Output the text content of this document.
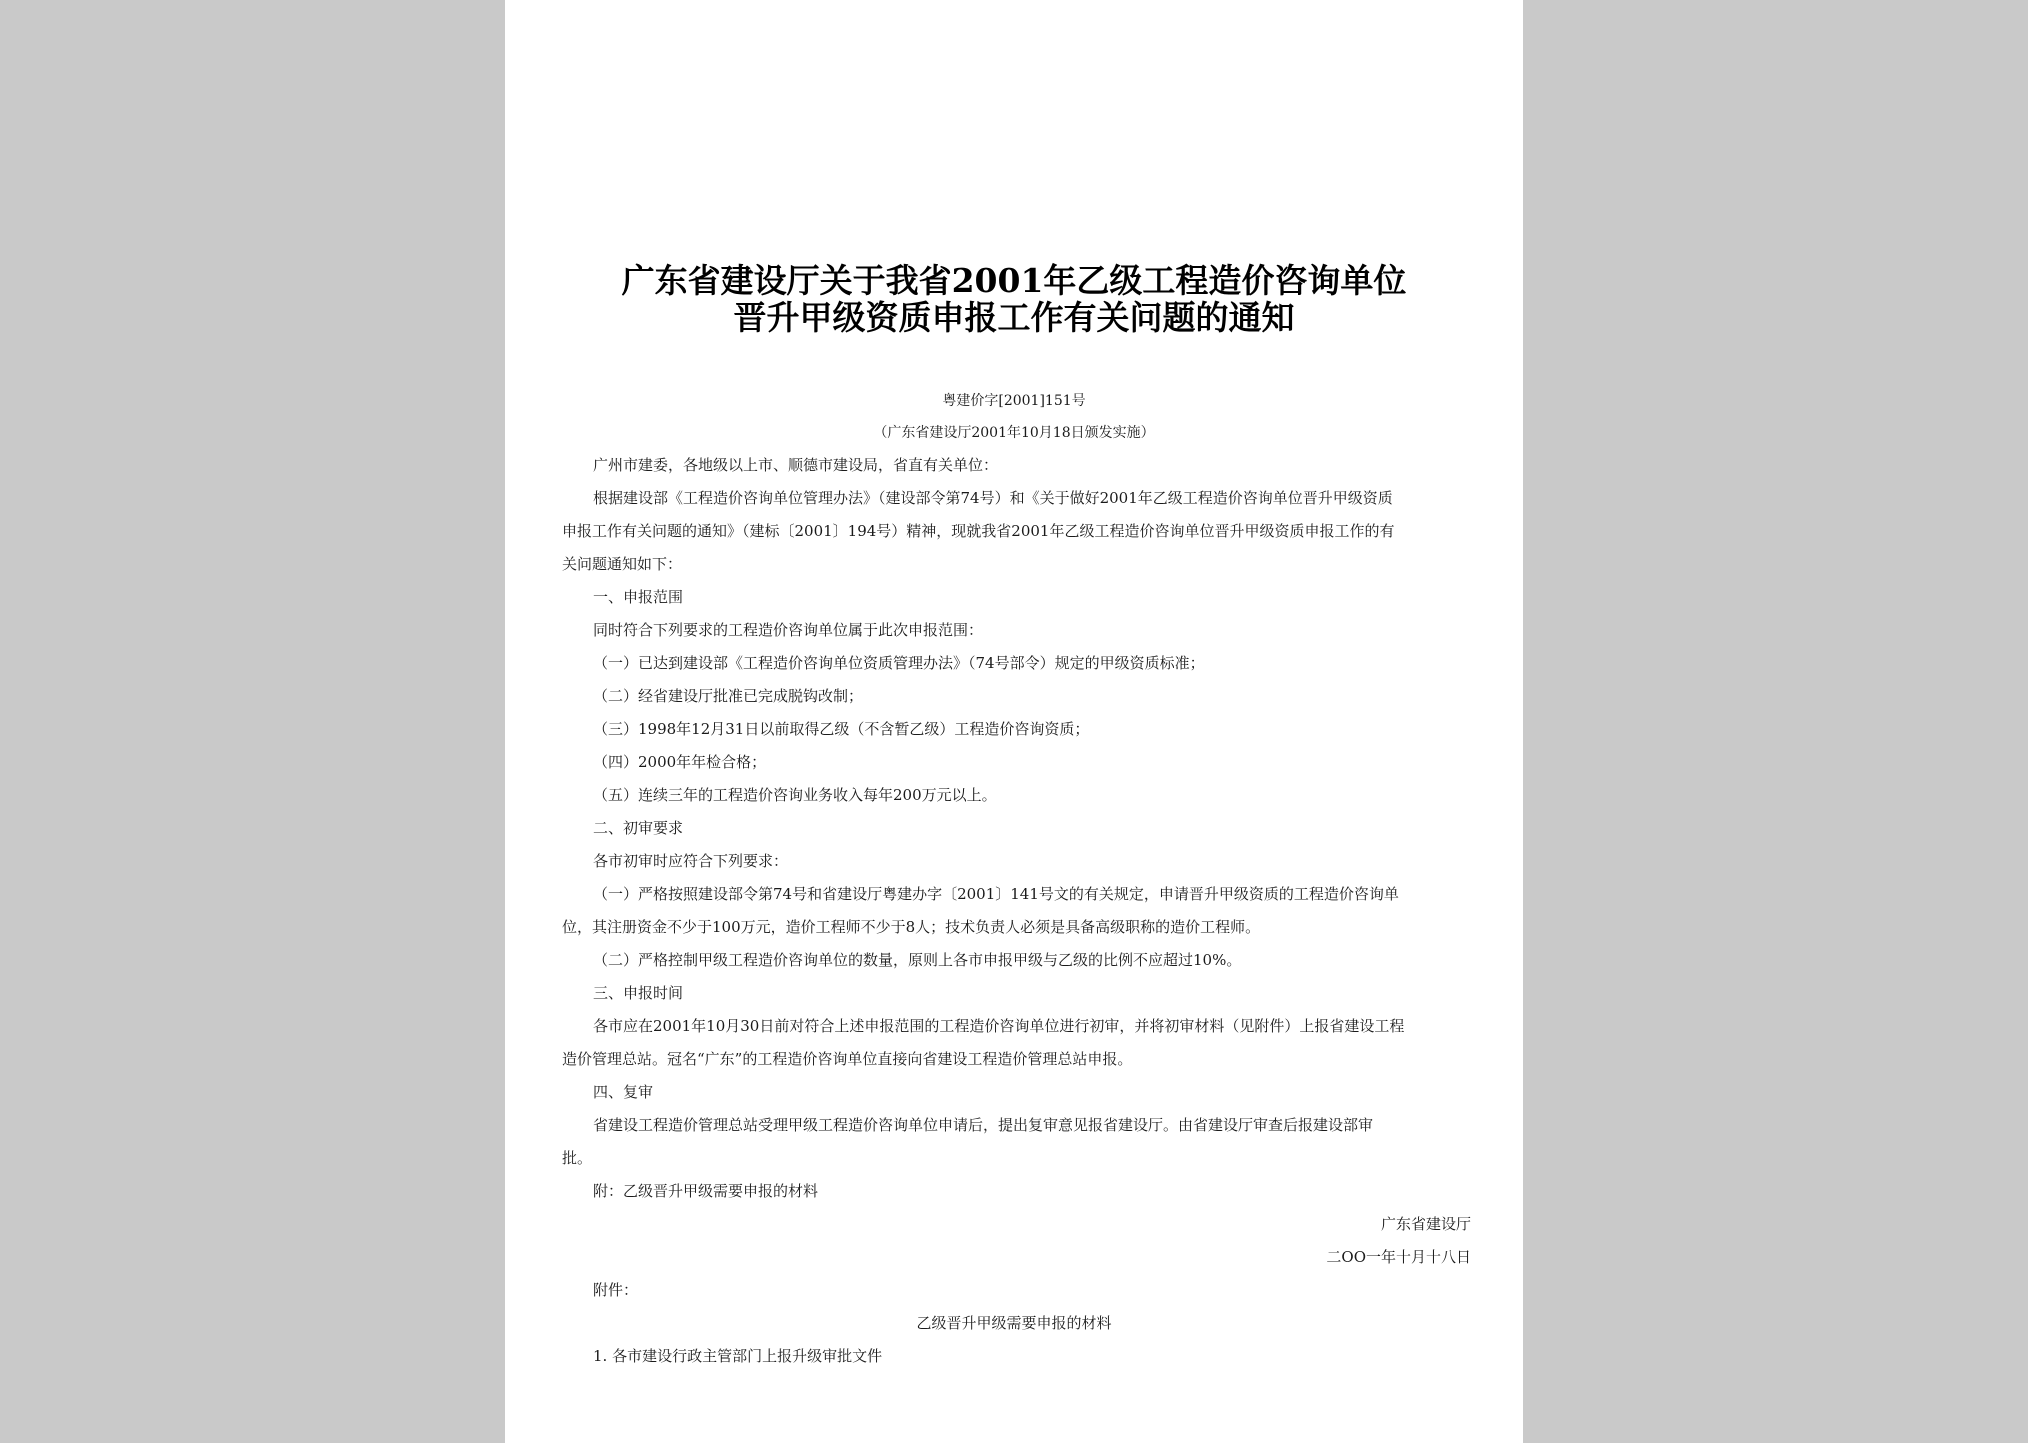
广东省建设厅关于我省2001年乙级工程造价咨询单位
晋升甲级资质申报工作有关问题的通知
粤建价字[2001]151号
（广东省建设厅2001年10月18日颁发实施）
广州市建委，各地级以上市、顺德市建设局，省直有关单位：
根据建设部《工程造价咨询单位管理办法》（建设部令第74号）和《关于做好2001年乙级工程造价咨询单位晋升甲级资质
申报工作有关问题的通知》（建标〔2001〕194号）精神，现就我省2001年乙级工程造价咨询单位晋升甲级资质申报工作的有
关问题通知如下：
一、申报范围
同时符合下列要求的工程造价咨询单位属于此次申报范围：
（一）已达到建设部《工程造价咨询单位资质管理办法》（74号部令）规定的甲级资质标准；
（二）经省建设厅批准已完成脱钩改制；
（三）1998年12月31日以前取得乙级（不含暂乙级）工程造价咨询资质；
（四）2000年年检合格；
（五）连续三年的工程造价咨询业务收入每年200万元以上。
二、初审要求
各市初审时应符合下列要求：
（一）严格按照建设部令第74号和省建设厅粤建办字〔2001〕141号文的有关规定，申请晋升甲级资质的工程造价咨询单
位，其注册资金不少于100万元，造价工程师不少于8人；技术负责人必须是具备高级职称的造价工程师。
（二）严格控制甲级工程造价咨询单位的数量，原则上各市申报甲级与乙级的比例不应超过10%。
三、申报时间
各市应在2001年10月30日前对符合上述申报范围的工程造价咨询单位进行初审，并将初审材料（见附件）上报省建设工程
造价管理总站。冠名“广东”的工程造价咨询单位直接向省建设工程造价管理总站申报。
四、复审
省建设工程造价管理总站受理甲级工程造价咨询单位申请后，提出复审意见报省建设厅。由省建设厅审查后报建设部审
批。
附：乙级晋升甲级需要申报的材料
广东省建设厅
二OO一年十月十八日
附件：
乙级晋升甲级需要申报的材料
1. 各市建设行政主管部门上报升级审批文件
